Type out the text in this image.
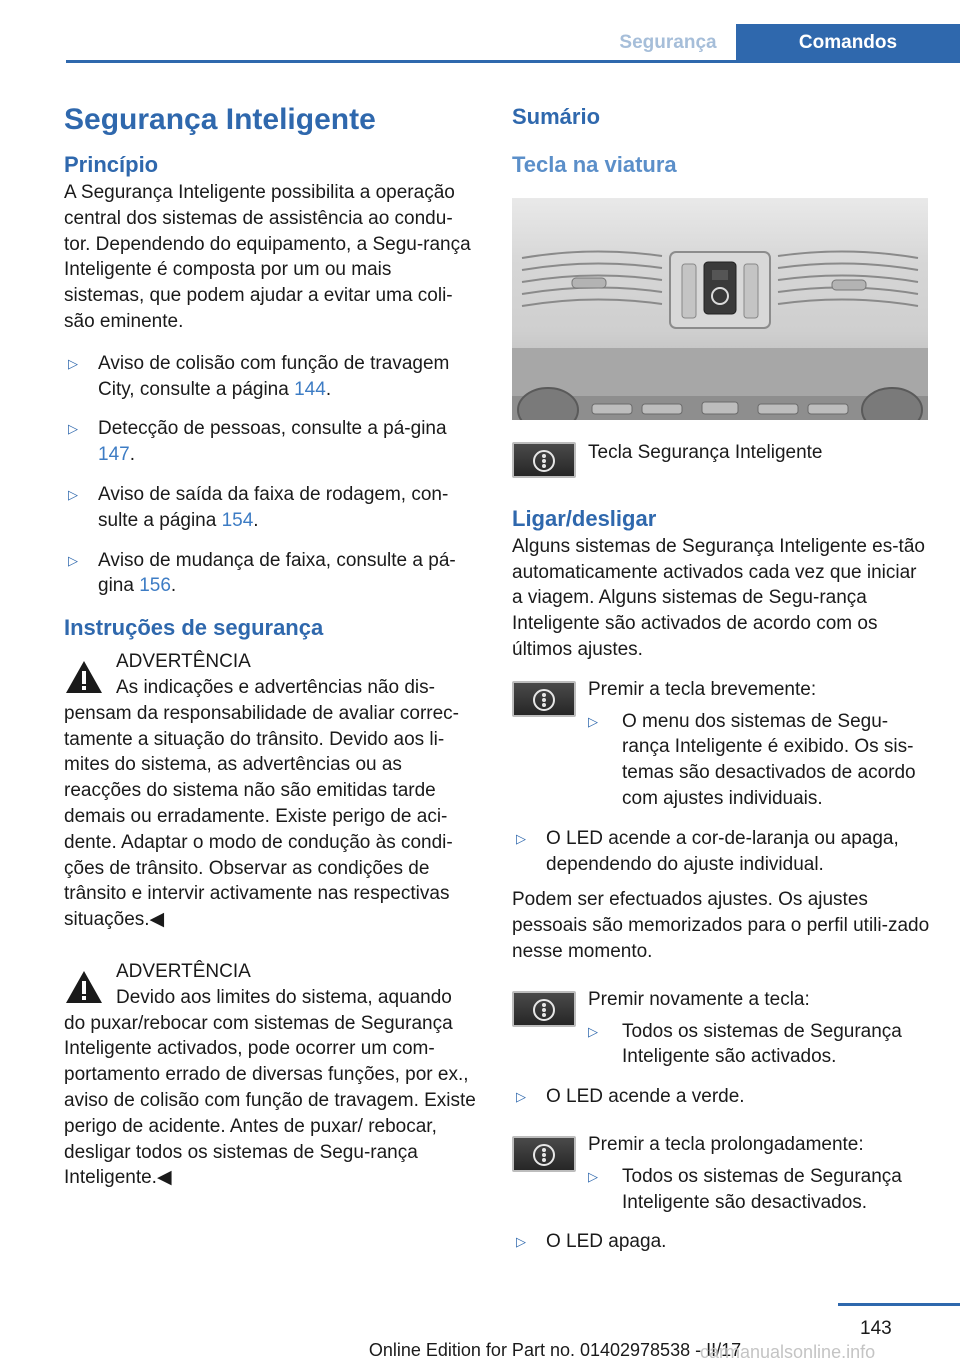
Segurança	Comandos
Segurança Inteligente
Princípio
A Segurança Inteligente possibilita a operação central dos sistemas de assistência ao condu‐tor. Dependendo do equipamento, a Segu‐rança Inteligente é composta por um ou mais sistemas, que podem ajudar a evitar uma coli‐são eminente.
▷	Aviso de colisão com função de travagem City, consulte a página 144.
▷	Detecção de pessoas, consulte a pá‐gina 147.
▷	Aviso de saída da faixa de rodagem, con‐sulte a página 154.
▷	Aviso de mudança de faixa, consulte a pá‐gina 156.
Instruções de segurança
ADVERTÊNCIA
As indicações e advertências não dis‐pensam da responsabilidade de avaliar correc‐tamente a situação do trânsito. Devido aos li‐mites do sistema, as advertências ou as reacções do sistema não são emitidas tarde demais ou erradamente. Existe perigo de aci‐dente. Adaptar o modo de condução às condi‐ções de trânsito. Observar as condições de trânsito e intervir activamente nas respectivas situações.◀
ADVERTÊNCIA
Devido aos limites do sistema, aquando do puxar/rebocar com sistemas de Segurança Inteligente activados, pode ocorrer um com‐portamento errado de diversas funções, por ex., aviso de colisão com função de travagem. Existe perigo de acidente. Antes de puxar/ rebocar, desligar todos os sistemas de Segu‐rança Inteligente.◀
Sumário
Tecla na viatura
Tecla Segurança Inteligente
Ligar/desligar
Alguns sistemas de Segurança Inteligente es‐tão automaticamente activados cada vez que iniciar a viagem. Alguns sistemas de Segu‐rança Inteligente são activados de acordo com os últimos ajustes.
Premir a tecla brevemente:
▷	O menu dos sistemas de Segu‐rança Inteligente é exibido. Os sis‐temas são desactivados de acordo com ajustes individuais.
▷	O LED acende a cor-de-laranja ou apaga, dependendo do ajuste individual.
Podem ser efectuados ajustes. Os ajustes pessoais são memorizados para o perfil utili‐zado nesse momento.
Premir novamente a tecla:
▷	Todos os sistemas de Segurança Inteligente são activados.
▷	O LED acende a verde.
Premir a tecla prolongadamente:
▷	Todos os sistemas de Segurança Inteligente são desactivados.
▷	O LED apaga.
143
Online Edition for Part no. 01402978538 - II/17
carmanualsonline.info
